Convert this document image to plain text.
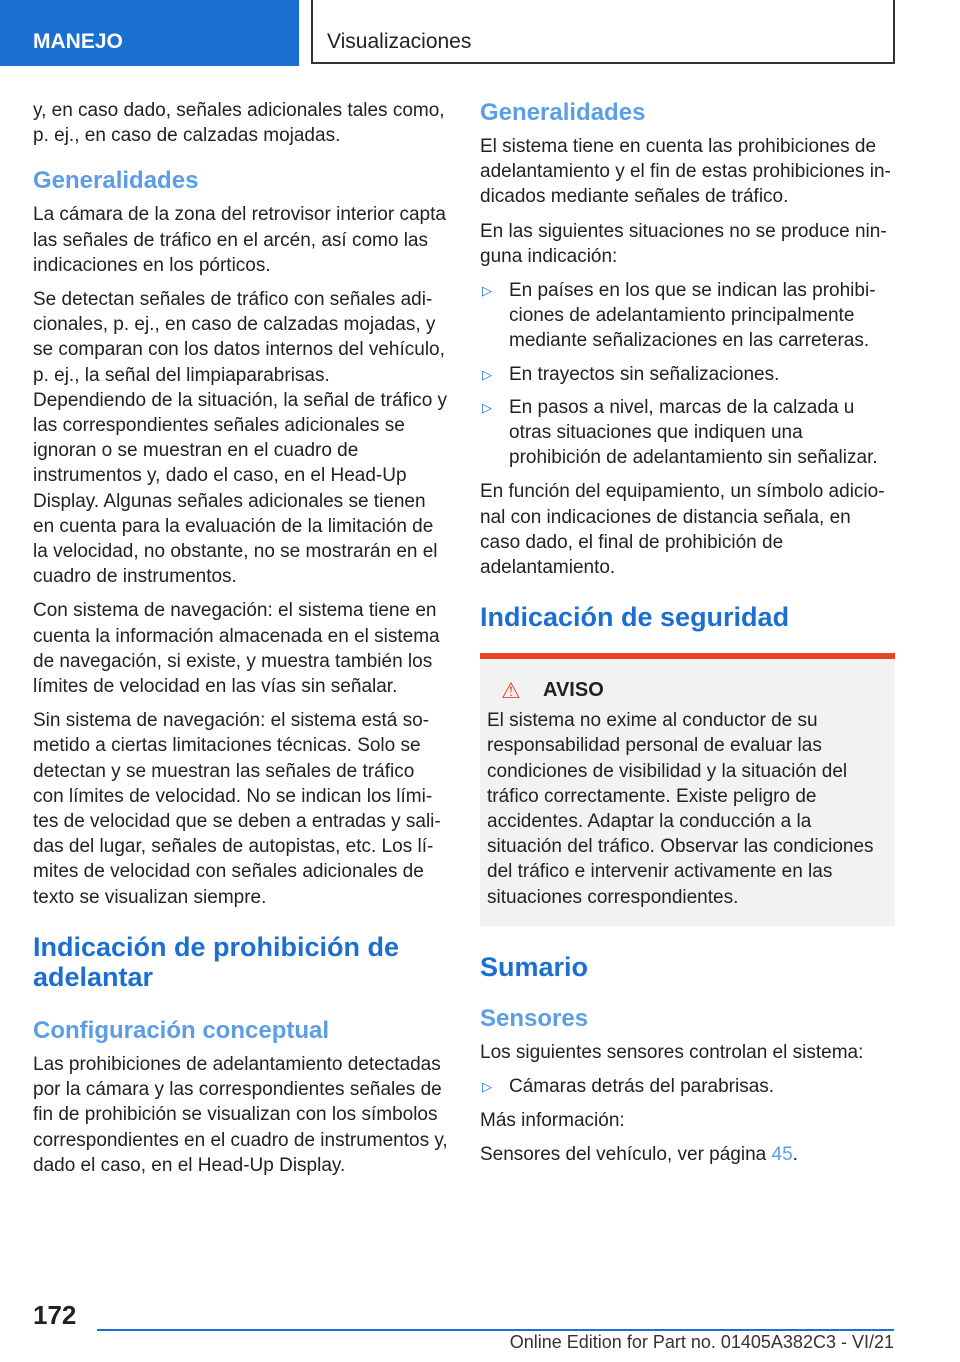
MANEJO	Visualizaciones

y, en caso dado, señales adicionales tales como, p. ej., en caso de calzadas mojadas.

Generalidades

La cámara de la zona del retrovisor interior capta las señales de tráfico en el arcén, así como las indicaciones en los pórticos.

Se detectan señales de tráfico con señales adicionales, p. ej., en caso de calzadas mojadas, y se comparan con los datos internos del vehículo, p. ej., la señal del limpiaparabrisas. Dependiendo de la situación, la señal de tráfico y las correspondientes señales adicionales se ignoran o se muestran en el cuadro de instrumentos y, dado el caso, en el Head-Up Display. Algunas señales adicionales se tienen en cuenta para la evaluación de la limitación de la velocidad, no obstante, no se mostrarán en el cuadro de instrumentos.

Con sistema de navegación: el sistema tiene en cuenta la información almacenada en el sistema de navegación, si existe, y muestra también los límites de velocidad en las vías sin señalar.

Sin sistema de navegación: el sistema está sometido a ciertas limitaciones técnicas. Solo se detectan y se muestran las señales de tráfico con límites de velocidad. No se indican los límites de velocidad que se deben a entradas y salidas del lugar, señales de autopistas, etc. Los límites de velocidad con señales adicionales de texto se visualizan siempre.

Indicación de prohibición de adelantar
Configuración conceptual

Las prohibiciones de adelantamiento detectadas por la cámara y las correspondientes señales de fin de prohibición se visualizan con los símbolos correspondientes en el cuadro de instrumentos y, dado el caso, en el Head-Up Display.

Generalidades

El sistema tiene en cuenta las prohibiciones de adelantamiento y el fin de estas prohibiciones indicados mediante señales de tráfico.

En las siguientes situaciones no se produce ninguna indicación:

▷ En países en los que se indican las prohibiciones de adelantamiento principalmente mediante señalizaciones en las carreteras.
▷ En trayectos sin señalizaciones.
▷ En pasos a nivel, marcas de la calzada u otras situaciones que indiquen una prohibición de adelantamiento sin señalizar.

En función del equipamiento, un símbolo adicional con indicaciones de distancia señala, en caso dado, el final de prohibición de adelantamiento.

Indicación de seguridad
⚠	AVISO

El sistema no exime al conductor de su responsabilidad personal de evaluar las condiciones de visibilidad y la situación del tráfico correctamente. Existe peligro de accidentes. Adaptar la conducción a la situación del tráfico. Observar las condiciones del tráfico e intervenir activamente en las situaciones correspondientes.

Sumario
Sensores

Los siguientes sensores controlan el sistema:

▷ Cámaras detrás del parabrisas.

Más información:

Sensores del vehículo, ver página 45.

172
Online Edition for Part no. 01405A382C3 - VI/21
